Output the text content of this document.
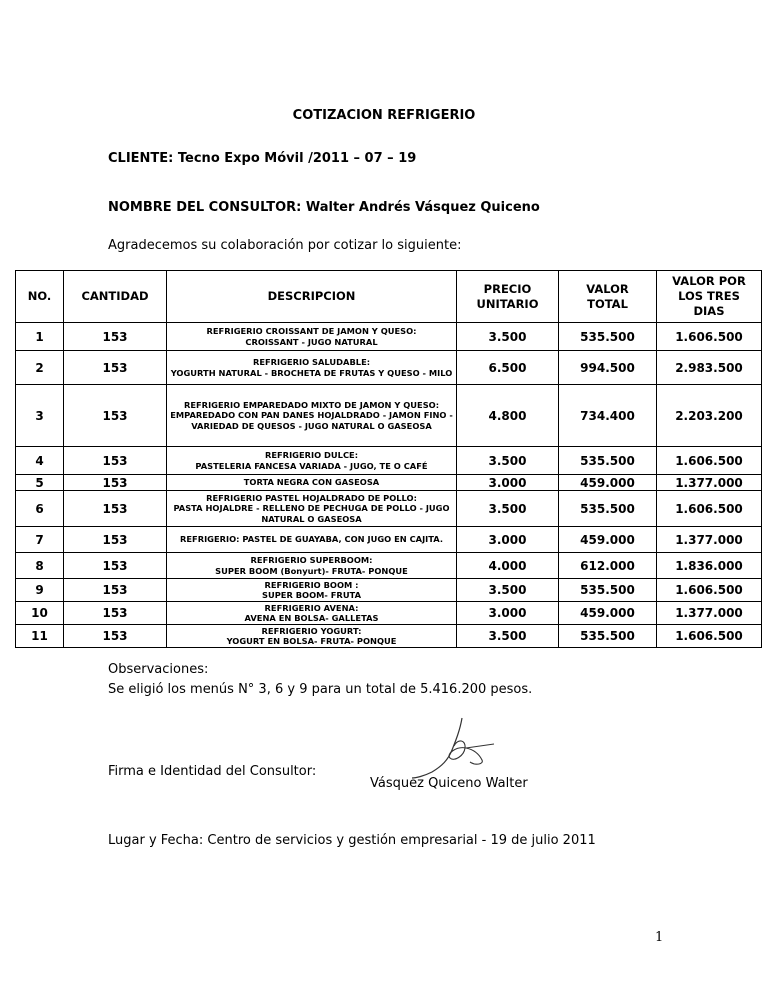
COTIZACION REFRIGERIO
CLIENTE: Tecno Expo Móvil /2011 – 07 – 19
NOMBRE DEL CONSULTOR: Walter Andrés Vásquez Quiceno
Agradecemos su colaboración por cotizar lo siguiente:
NO.	CANTIDAD	DESCRIPCION	PRECIO UNITARIO	VALOR TOTAL	VALOR POR LOS TRES DIAS
1	153	REFRIGERIO CROISSANT DE JAMON Y QUESO:
CROISSANT - JUGO NATURAL	3.500	535.500	1.606.500
2	153	REFRIGERIO SALUDABLE:
YOGURTH NATURAL - BROCHETA DE FRUTAS Y QUESO - MILO	6.500	994.500	2.983.500
3	153	REFRIGERIO EMPAREDADO MIXTO DE JAMON Y QUESO:
EMPAREDADO CON PAN DANES HOJALDRADO - JAMON FINO - VARIEDAD DE QUESOS - JUGO NATURAL O GASEOSA	4.800	734.400	2.203.200
4	153	REFRIGERIO DULCE:
PASTELERIA FANCESA VARIADA - JUGO, TE O CAFÉ	3.500	535.500	1.606.500
5	153	TORTA NEGRA CON GASEOSA	3.000	459.000	1.377.000
6	153	REFRIGERIO PASTEL HOJALDRADO DE POLLO:
PASTA HOJALDRE - RELLENO DE PECHUGA DE POLLO - JUGO NATURAL O GASEOSA	3.500	535.500	1.606.500
7	153	REFRIGERIO: PASTEL DE GUAYABA, CON JUGO EN CAJITA.	3.000	459.000	1.377.000
8	153	REFRIGERIO SUPERBOOM:
SUPER BOOM (Bonyurt)- FRUTA- PONQUE	4.000	612.000	1.836.000
9	153	REFRIGERIO BOOM :
SUPER BOOM- FRUTA	3.500	535.500	1.606.500
10	153	REFRIGERIO AVENA:
AVENA EN BOLSA- GALLETAS	3.000	459.000	1.377.000
11	153	REFRIGERIO YOGURT:
YOGURT EN BOLSA- FRUTA- PONQUE	3.500	535.500	1.606.500
Observaciones:
Se eligió los menús N° 3, 6 y 9 para un total de 5.416.200 pesos.
Firma e Identidad del Consultor:
Vásquez Quiceno Walter
Lugar y Fecha: Centro de servicios y gestión empresarial - 19 de julio 2011
1
